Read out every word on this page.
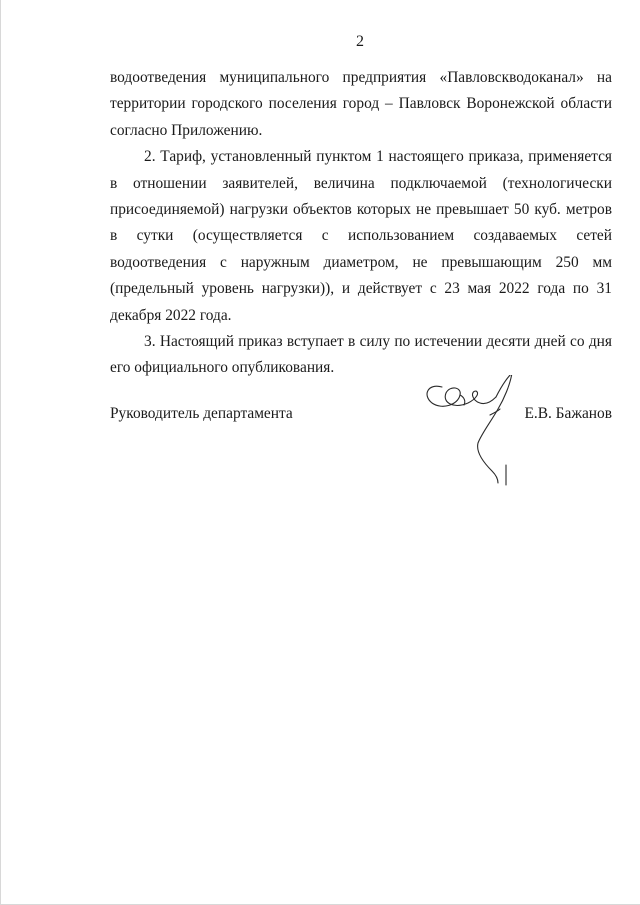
2

водоотведения муниципального предприятия «Павловскводоканал» на территории городского поселения город – Павловск Воронежской области согласно Приложению.

2. Тариф, установленный пунктом 1 настоящего приказа, применяется в отношении заявителей, величина подключаемой (технологически присоединяемой) нагрузки объектов которых не превышает 50 куб. метров в сутки (осуществляется с использованием создаваемых сетей водоотведения с наружным диаметром, не превышающим 250 мм (предельный уровень нагрузки)), и действует с 23 мая 2022 года по 31 декабря 2022 года.

3. Настоящий приказ вступает в силу по истечении десяти дней со дня его официального опубликования.

Руководитель департамента	Е.В. Бажанов
